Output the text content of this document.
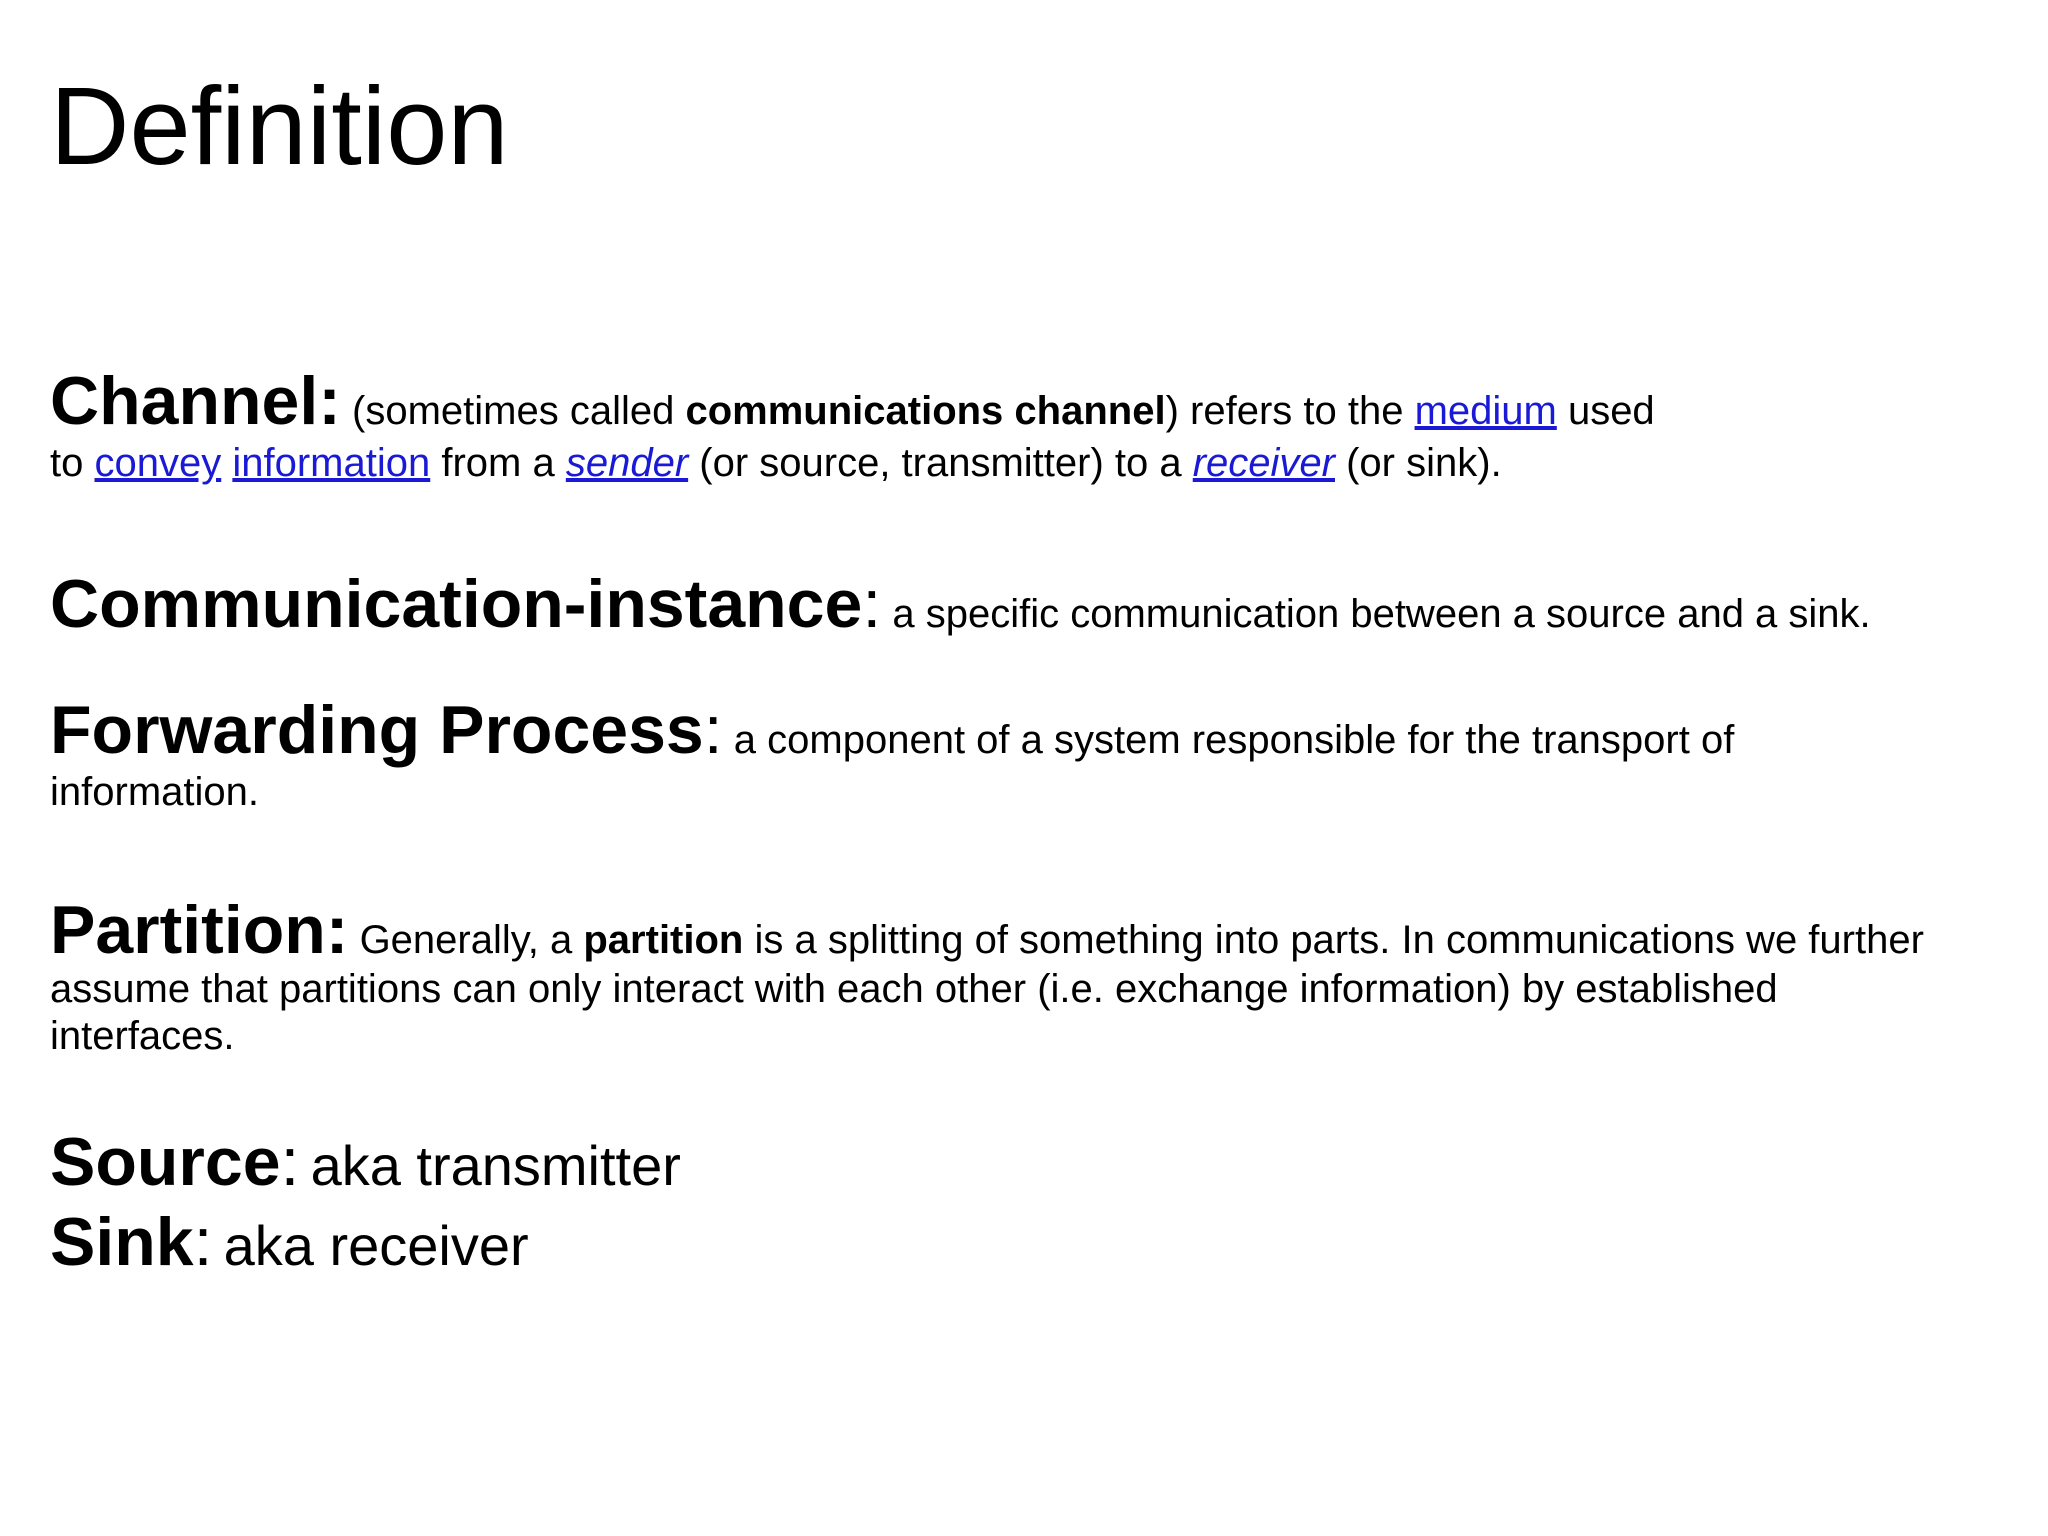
Definition

Channel: (sometimes called communications channel) refers to the medium used
to convey information from a sender (or source, transmitter) to a receiver (or sink).

Communication-instance: a specific communication between a source and a sink.

Forwarding Process: a component of a system responsible for the transport of
information.

Partition: Generally, a partition is a splitting of something into parts. In communications we further
assume that partitions can only interact with each other (i.e. exchange information) by established
interfaces.

Source: aka transmitter

Sink: aka receiver
